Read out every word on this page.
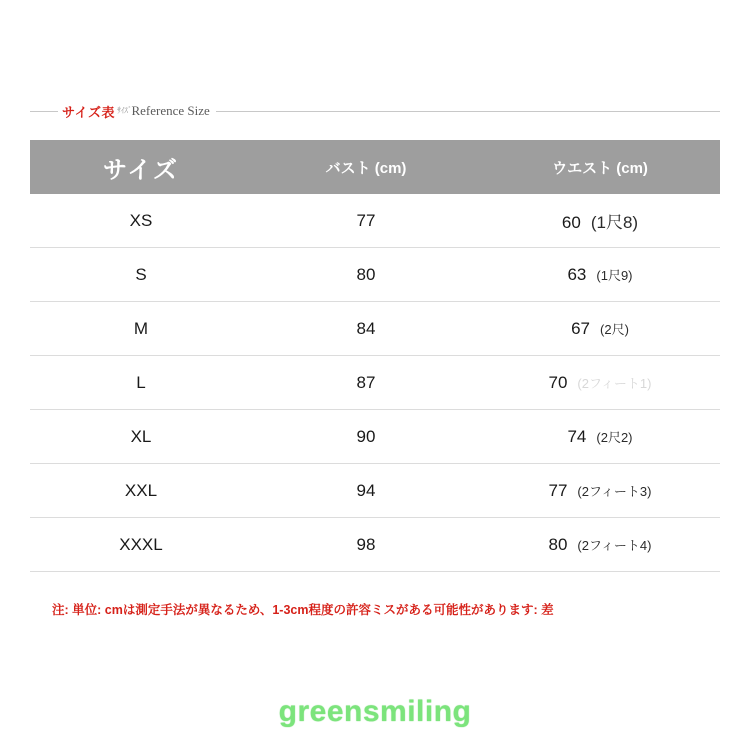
サイズ表 ｻｲｽﾞReference Size
サイズ	バスト (cm)	ウエスト (cm)
XS	77	60 (1尺8)

S	80	63 (1尺9)

M	84	67 (2尺)

L	87	70 (2フィート1)

XL	90	74 (2尺2)

XXL	94	77 (2フィート3)

XXXL	98	80 (2フィート4)
注: 単位: cmは測定手法が異なるため、1-3cm程度の許容ミスがある可能性があります: 差
greensmiling
